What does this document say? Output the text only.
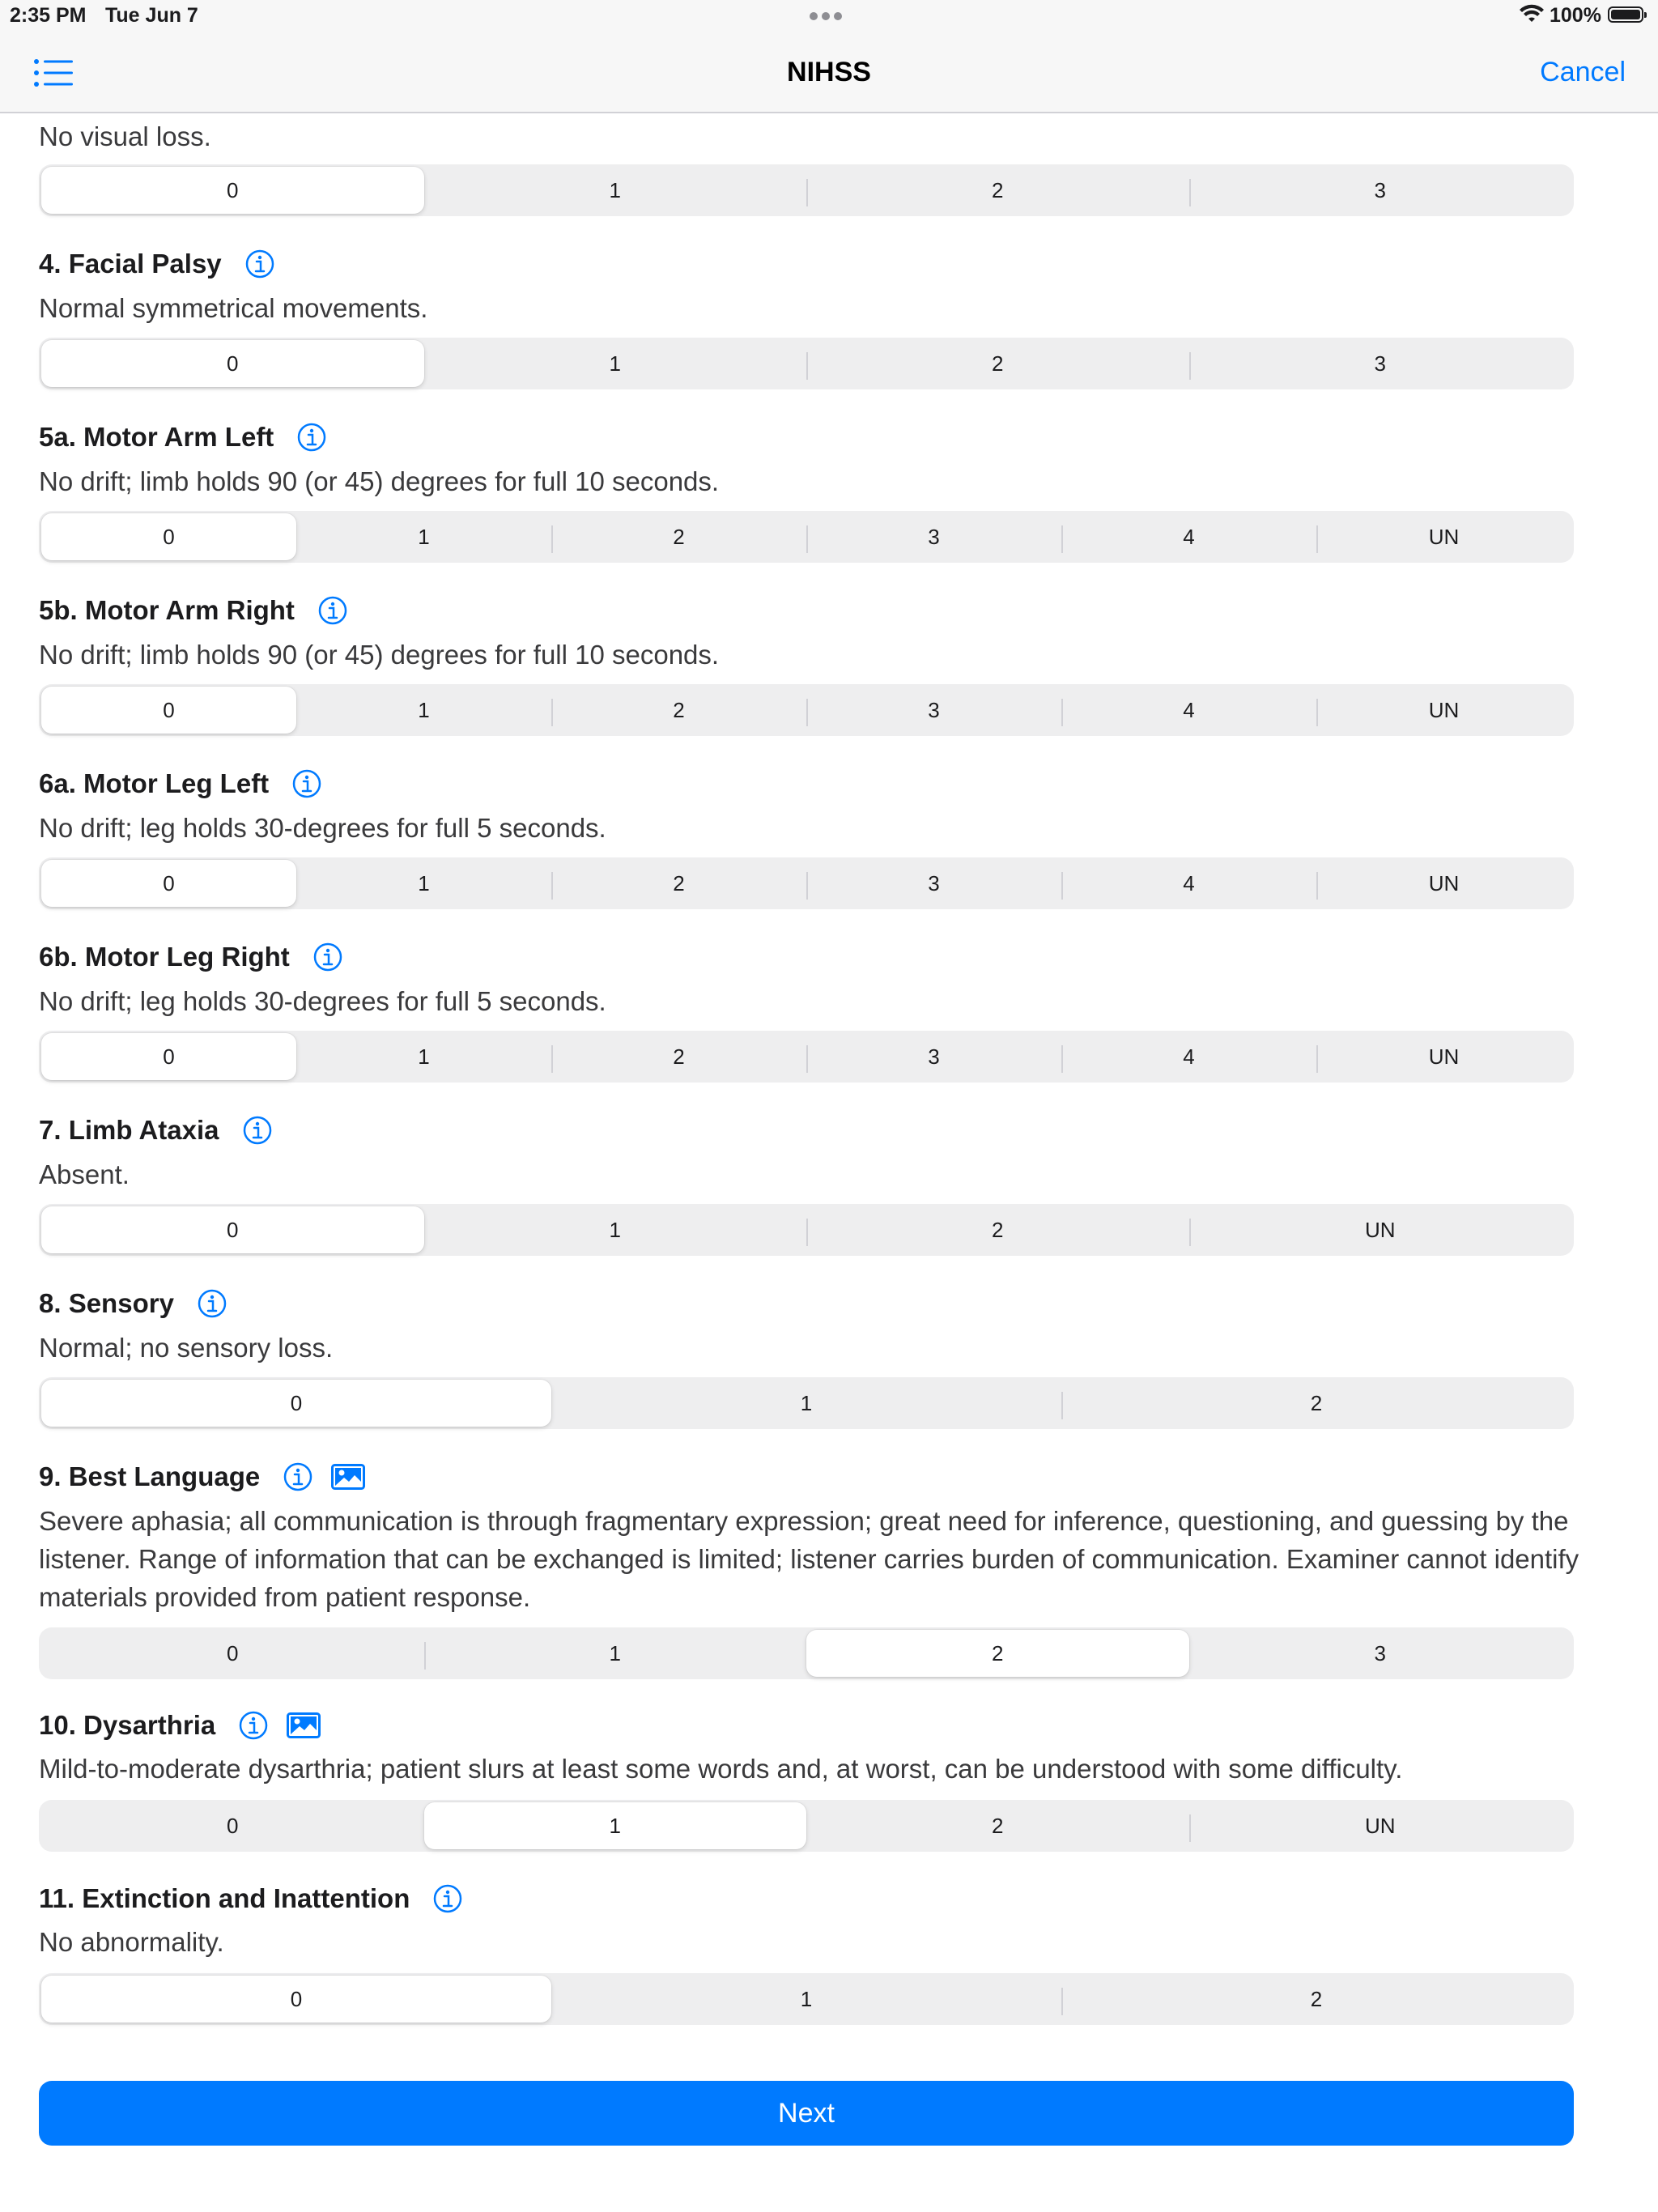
2:35 PM Tue Jun 7	100%
NIHSS	Cancel
No visual loss.
0	1	2	3
4. Facial Palsy
Normal symmetrical movements.
0	1	2	3
5a. Motor Arm Left
No drift; limb holds 90 (or 45) degrees for full 10 seconds.
0	1	2	3	4	UN
5b. Motor Arm Right
No drift; limb holds 90 (or 45) degrees for full 10 seconds.
0	1	2	3	4	UN
6a. Motor Leg Left
No drift; leg holds 30-degrees for full 5 seconds.
0	1	2	3	4	UN
6b. Motor Leg Right
No drift; leg holds 30-degrees for full 5 seconds.
0	1	2	3	4	UN
7. Limb Ataxia
Absent.
0	1	2	UN
8. Sensory
Normal; no sensory loss.
0	1	2
9. Best Language
Severe aphasia; all communication is through fragmentary expression; great need for inference, questioning, and guessing by the listener. Range of information that can be exchanged is limited; listener carries burden of communication. Examiner cannot identify materials provided from patient response.
0	1	2	3
10. Dysarthria
Mild-to-moderate dysarthria; patient slurs at least some words and, at worst, can be understood with some difficulty.
0	1	2	UN
11. Extinction and Inattention
No abnormality.
0	1	2
Next
